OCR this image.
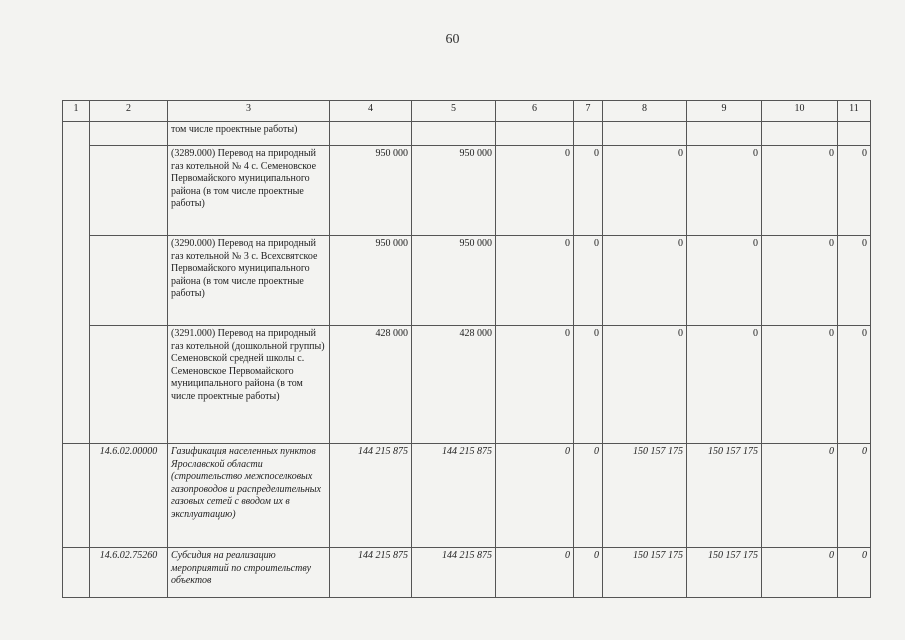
60
1	2	3	4	5	6	7	8	9	10	11
		том числе проектные работы)								
		(3289.000) Перевод на природный газ котельной № 4 с. Семеновское Первомайского муниципального района (в том числе проектные работы)	950 000	950 000	0	0	0	0	0	0
		(3290.000) Перевод на природный газ котельной № 3 с. Всехсвятское Первомайского муниципального района (в том числе проектные работы)	950 000	950 000	0	0	0	0	0	0
		(3291.000) Перевод на природный газ котельной (дошкольной группы) Семеновской средней школы с. Семеновское Первомайского муниципального района (в том числе проектные работы)	428 000	428 000	0	0	0	0	0	0
	14.6.02.00000	Газификация населенных пунктов Ярославской области (строительство межпоселковых газопроводов и распределительных газовых сетей с вводом их в эксплуатацию)	144 215 875	144 215 875	0	0	150 157 175	150 157 175	0	0
	14.6.02.75260	Субсидия на реализацию мероприятий по строительству объектов	144 215 875	144 215 875	0	0	150 157 175	150 157 175	0	0
